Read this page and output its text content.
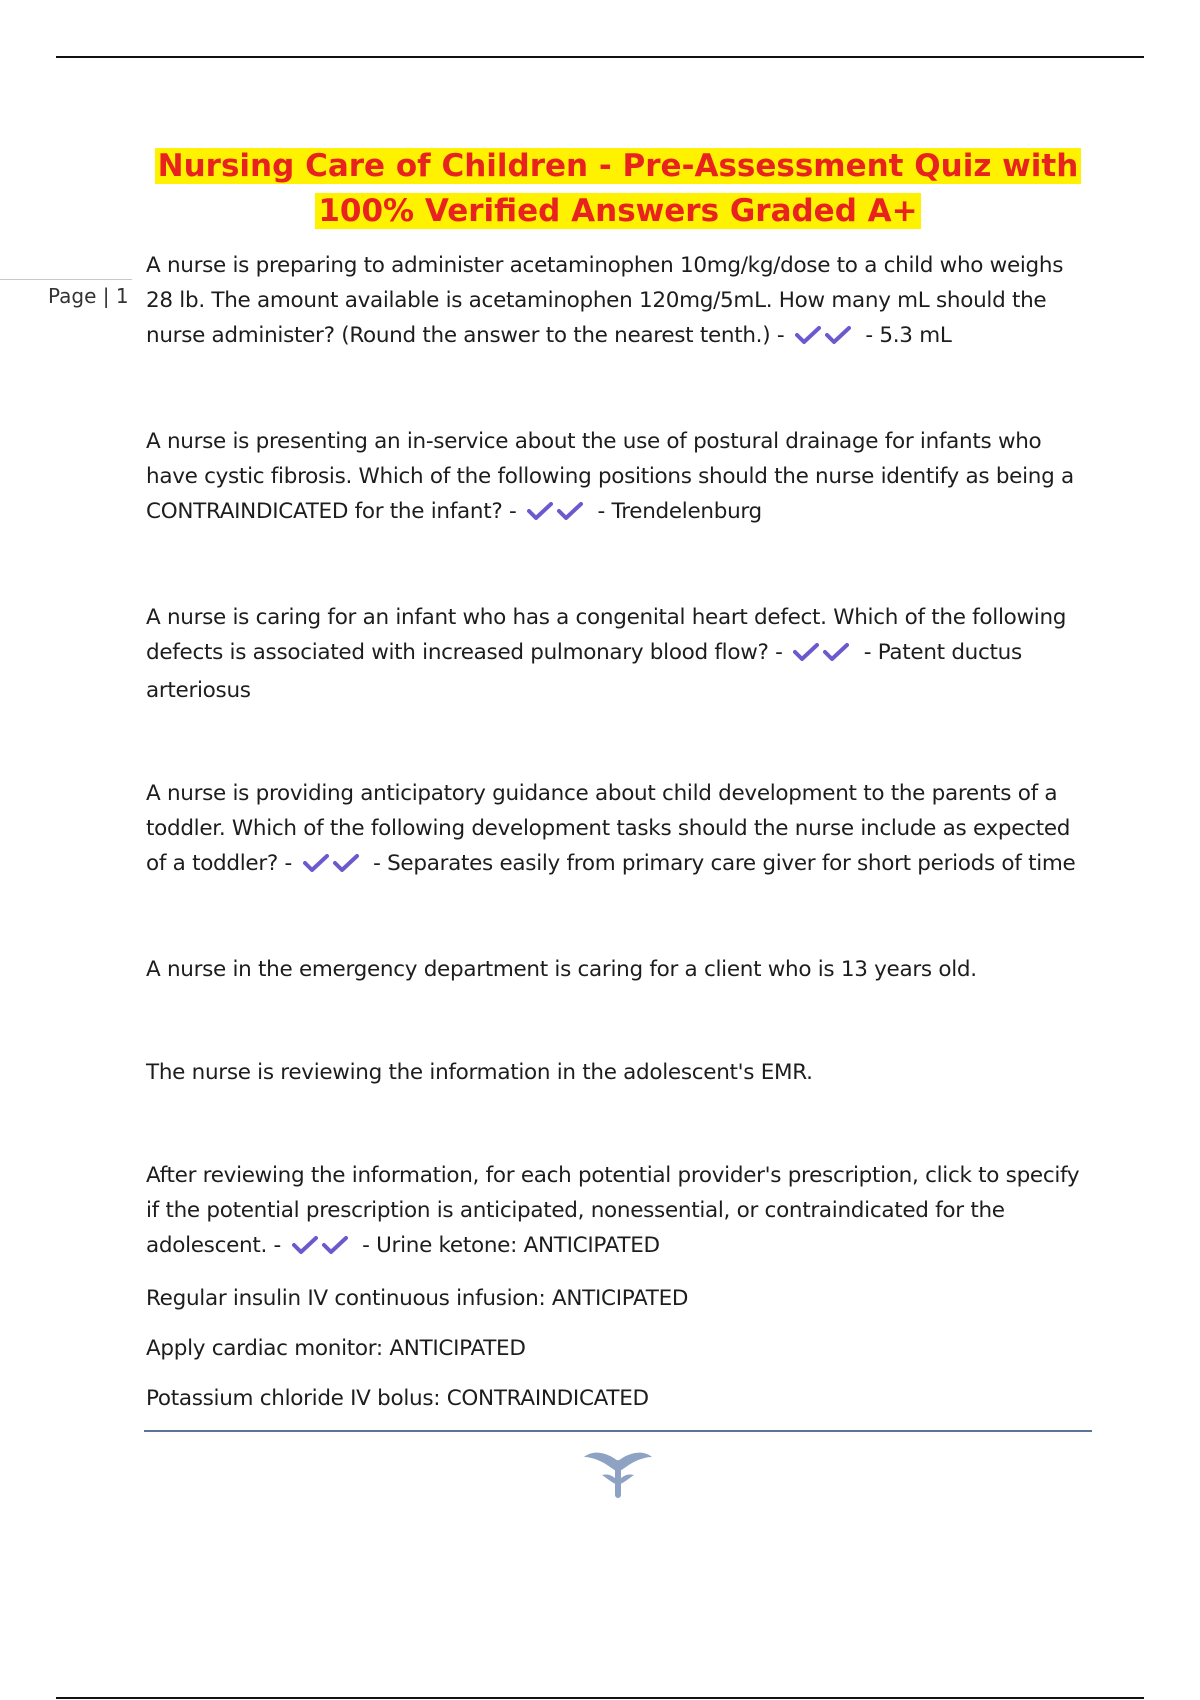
Page | 1
Nursing Care of Children - Pre-Assessment Quiz with
100% Verified Answers Graded A+

A nurse is preparing to administer acetaminophen 10mg/kg/dose to a child who weighs 28 lb. The amount available is acetaminophen 120mg/5mL. How many mL should the nurse administer? (Round the answer to the nearest tenth.) -	- 5.3 mL

A nurse is presenting an in-service about the use of postural drainage for infants who have cystic fibrosis. Which of the following positions should the nurse identify as being a CONTRAINDICATED for the infant? -	- Trendelenburg

A nurse is caring for an infant who has a congenital heart defect. Which of the following defects is associated with increased pulmonary blood flow? -	- Patent ductus arteriosus

A nurse is providing anticipatory guidance about child development to the parents of a toddler. Which of the following development tasks should the nurse include as expected of a toddler? -	- Separates easily from primary care giver for short periods of time

A nurse in the emergency department is caring for a client who is 13 years old.

The nurse is reviewing the information in the adolescent's EMR.

After reviewing the information, for each potential provider's prescription, click to specify if the potential prescription is anticipated, nonessential, or contraindicated for the adolescent. -	- Urine ketone: ANTICIPATED

Regular insulin IV continuous infusion: ANTICIPATED

Apply cardiac monitor: ANTICIPATED

Potassium chloride IV bolus: CONTRAINDICATED
